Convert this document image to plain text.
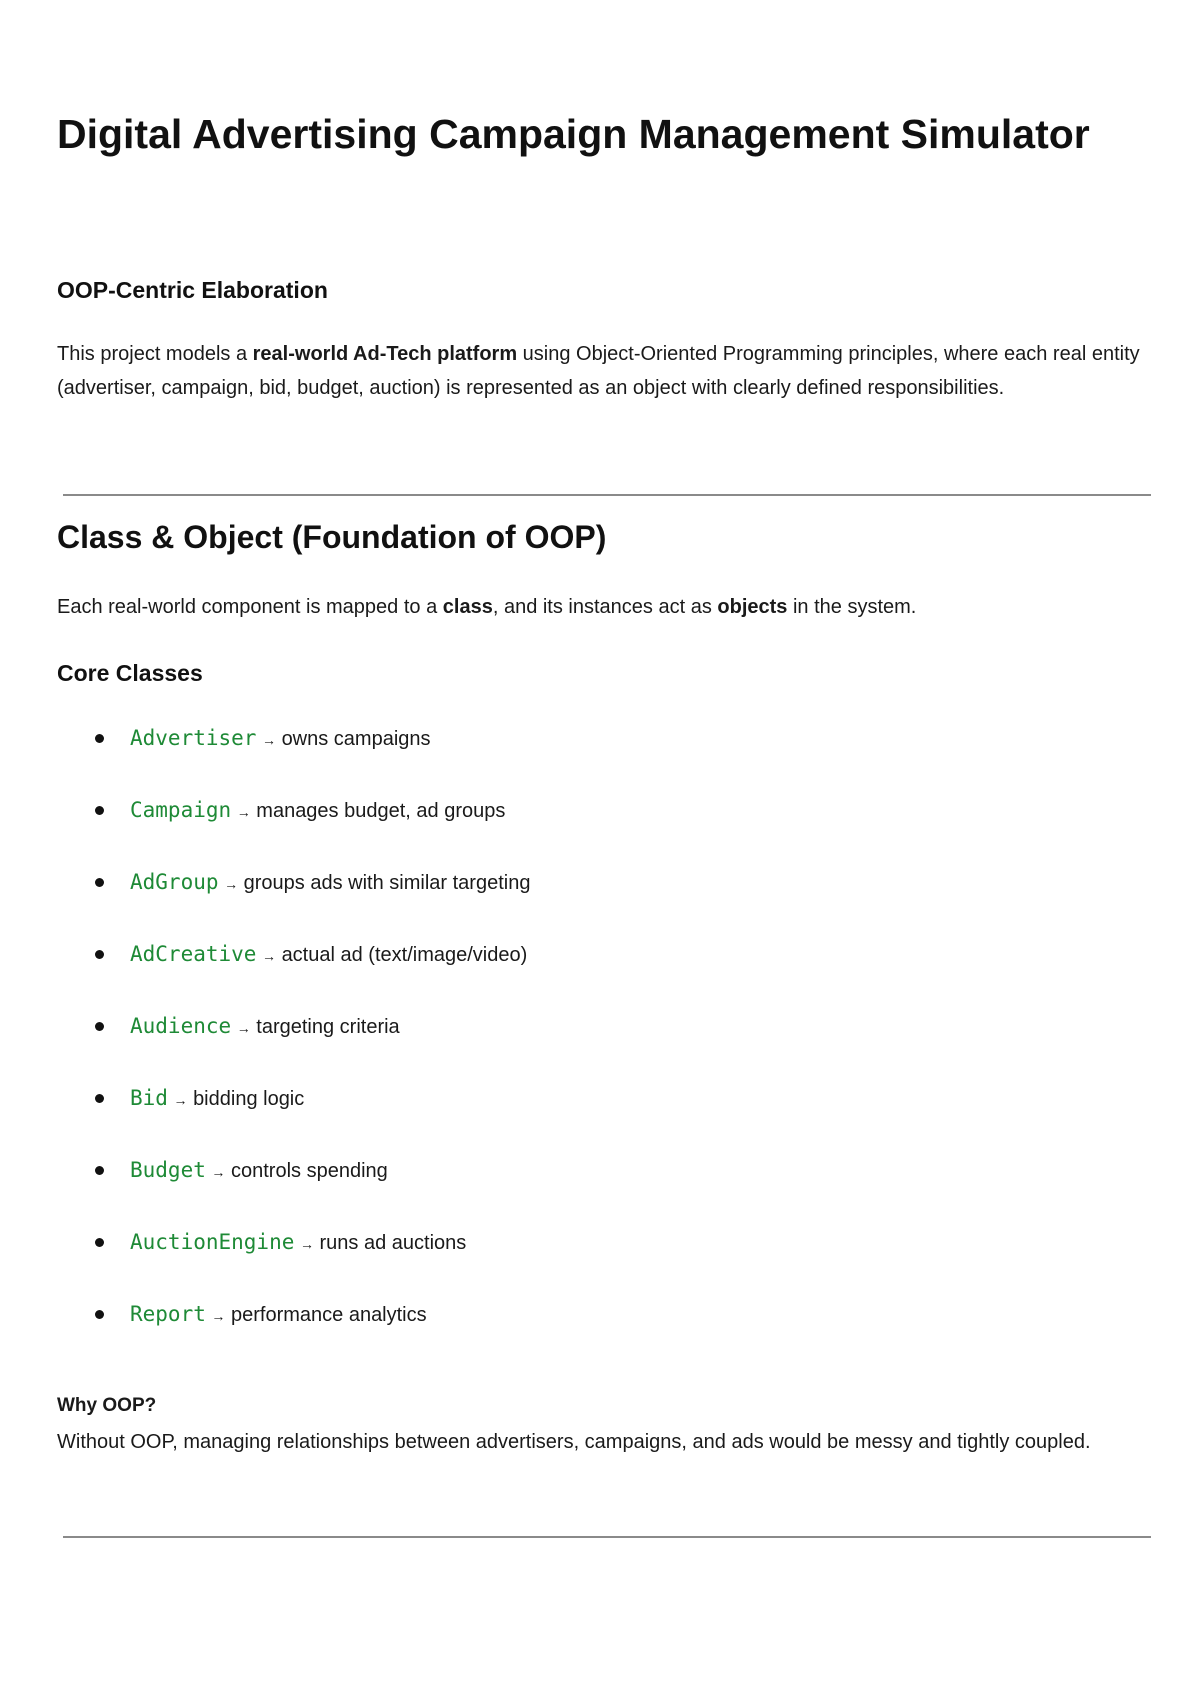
Digital Advertising Campaign Management Simulator
OOP-Centric Elaboration

This project models a real-world Ad-Tech platform using Object-Oriented Programming principles, where each real entity (advertiser, campaign, bid, budget, auction) is represented as an object with clearly defined responsibilities.

Class & Object (Foundation of OOP)

Each real-world component is mapped to a class, and its instances act as objects in the system.

Core Classes
Advertiser → owns campaigns
Campaign → manages budget, ad groups
AdGroup → groups ads with similar targeting
AdCreative → actual ad (text/image/video)
Audience → targeting criteria
Bid → bidding logic
Budget → controls spending
AuctionEngine → runs ad auctions
Report → performance analytics

Why OOP?

Without OOP, managing relationships between advertisers, campaigns, and ads would be messy and tightly coupled.
